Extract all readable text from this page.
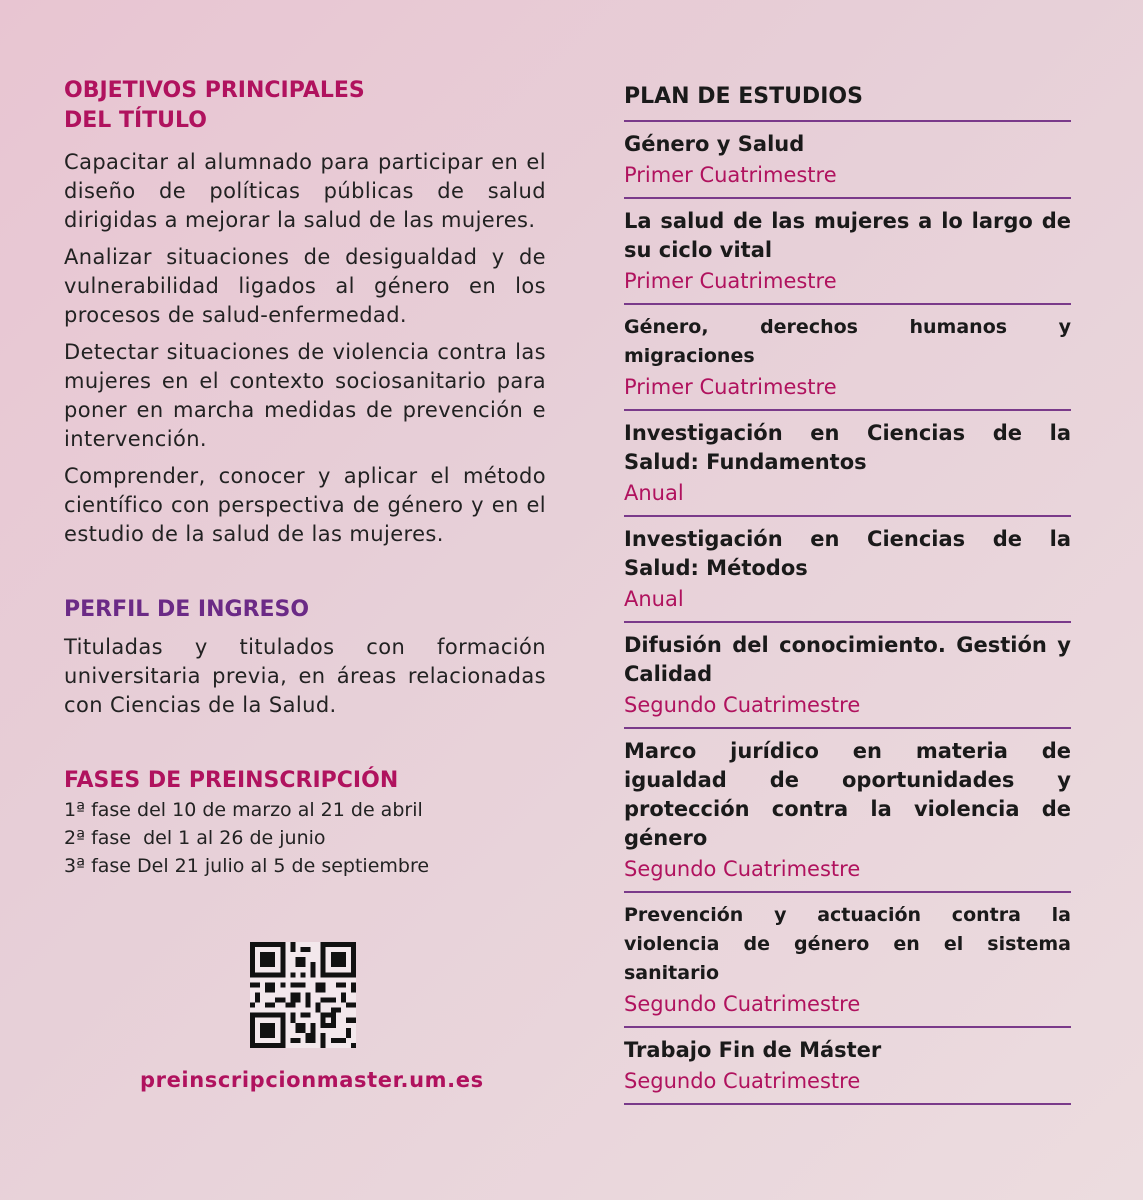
OBJETIVOS PRINCIPALES
DEL TÍTULO

Capacitar al alumnado para participar en el diseño de políticas públicas de salud dirigidas a mejorar la salud de las mujeres.

Analizar situaciones de desigualdad y de vulnerabilidad ligados al género en los procesos de salud-enfermedad.

Detectar situaciones de violencia contra las mujeres en el contexto sociosanitario para poner en marcha medidas de prevención e intervención.

Comprender, conocer y aplicar el método científico con perspectiva de género y en el estudio de la salud de las mujeres.

PERFIL DE INGRESO

Tituladas y titulados con formación universitaria previa, en áreas relacionadas con Ciencias de la Salud.

FASES DE PREINSCRIPCIÓN

1ª fase del 10 de marzo al 21 de abril

2ª fase  del 1 al 26 de junio

3ª fase Del 21 julio al 5 de septiembre

preinscripcionmaster.um.es
PLAN DE ESTUDIOS
Género y Salud
Primer Cuatrimestre
La salud de las mujeres a lo largo de su ciclo vital
Primer Cuatrimestre
Género, derechos humanos y migraciones
Primer Cuatrimestre
Investigación en Ciencias de la Salud: Fundamentos
Anual
Investigación en Ciencias de la Salud: Métodos
Anual
Difusión del conocimiento. Gestión y Calidad
Segundo Cuatrimestre
Marco jurídico en materia de igualdad de oportunidades y protección contra la violencia de género
Segundo Cuatrimestre
Prevención y actuación contra la violencia de género en el sistema sanitario
Segundo Cuatrimestre
Trabajo Fin de Máster
Segundo Cuatrimestre
